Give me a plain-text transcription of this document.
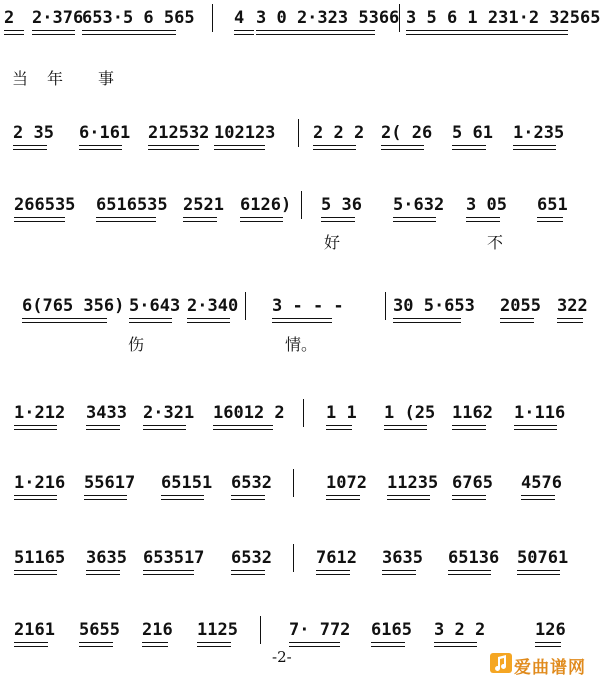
2 2·376
653·5 6 565 4 3 0 2·323 5366 3 5 6 1 231·2 32565
当 年 事
2 35 6·161 212532 102123 2 2 2 2( 26 5 61 1·235
266535 6516535 2521 6126) 5 36 5·632 3 05 651
好	不
6(765 356) 5·643 2·340 3 - - -	30 5·653 2055 322
伤	情。
1·212 3433 2·321 16012 2 1 1 1 (25 1162 1·116
1·216 55617 65151 6532	1072 11235 6765 4576
51165 3635 653517 6532	7612 3635 65136 50761
2161 5655 216 1125	7· 772 6165 3 2 2	126
-2-
爱曲谱网
